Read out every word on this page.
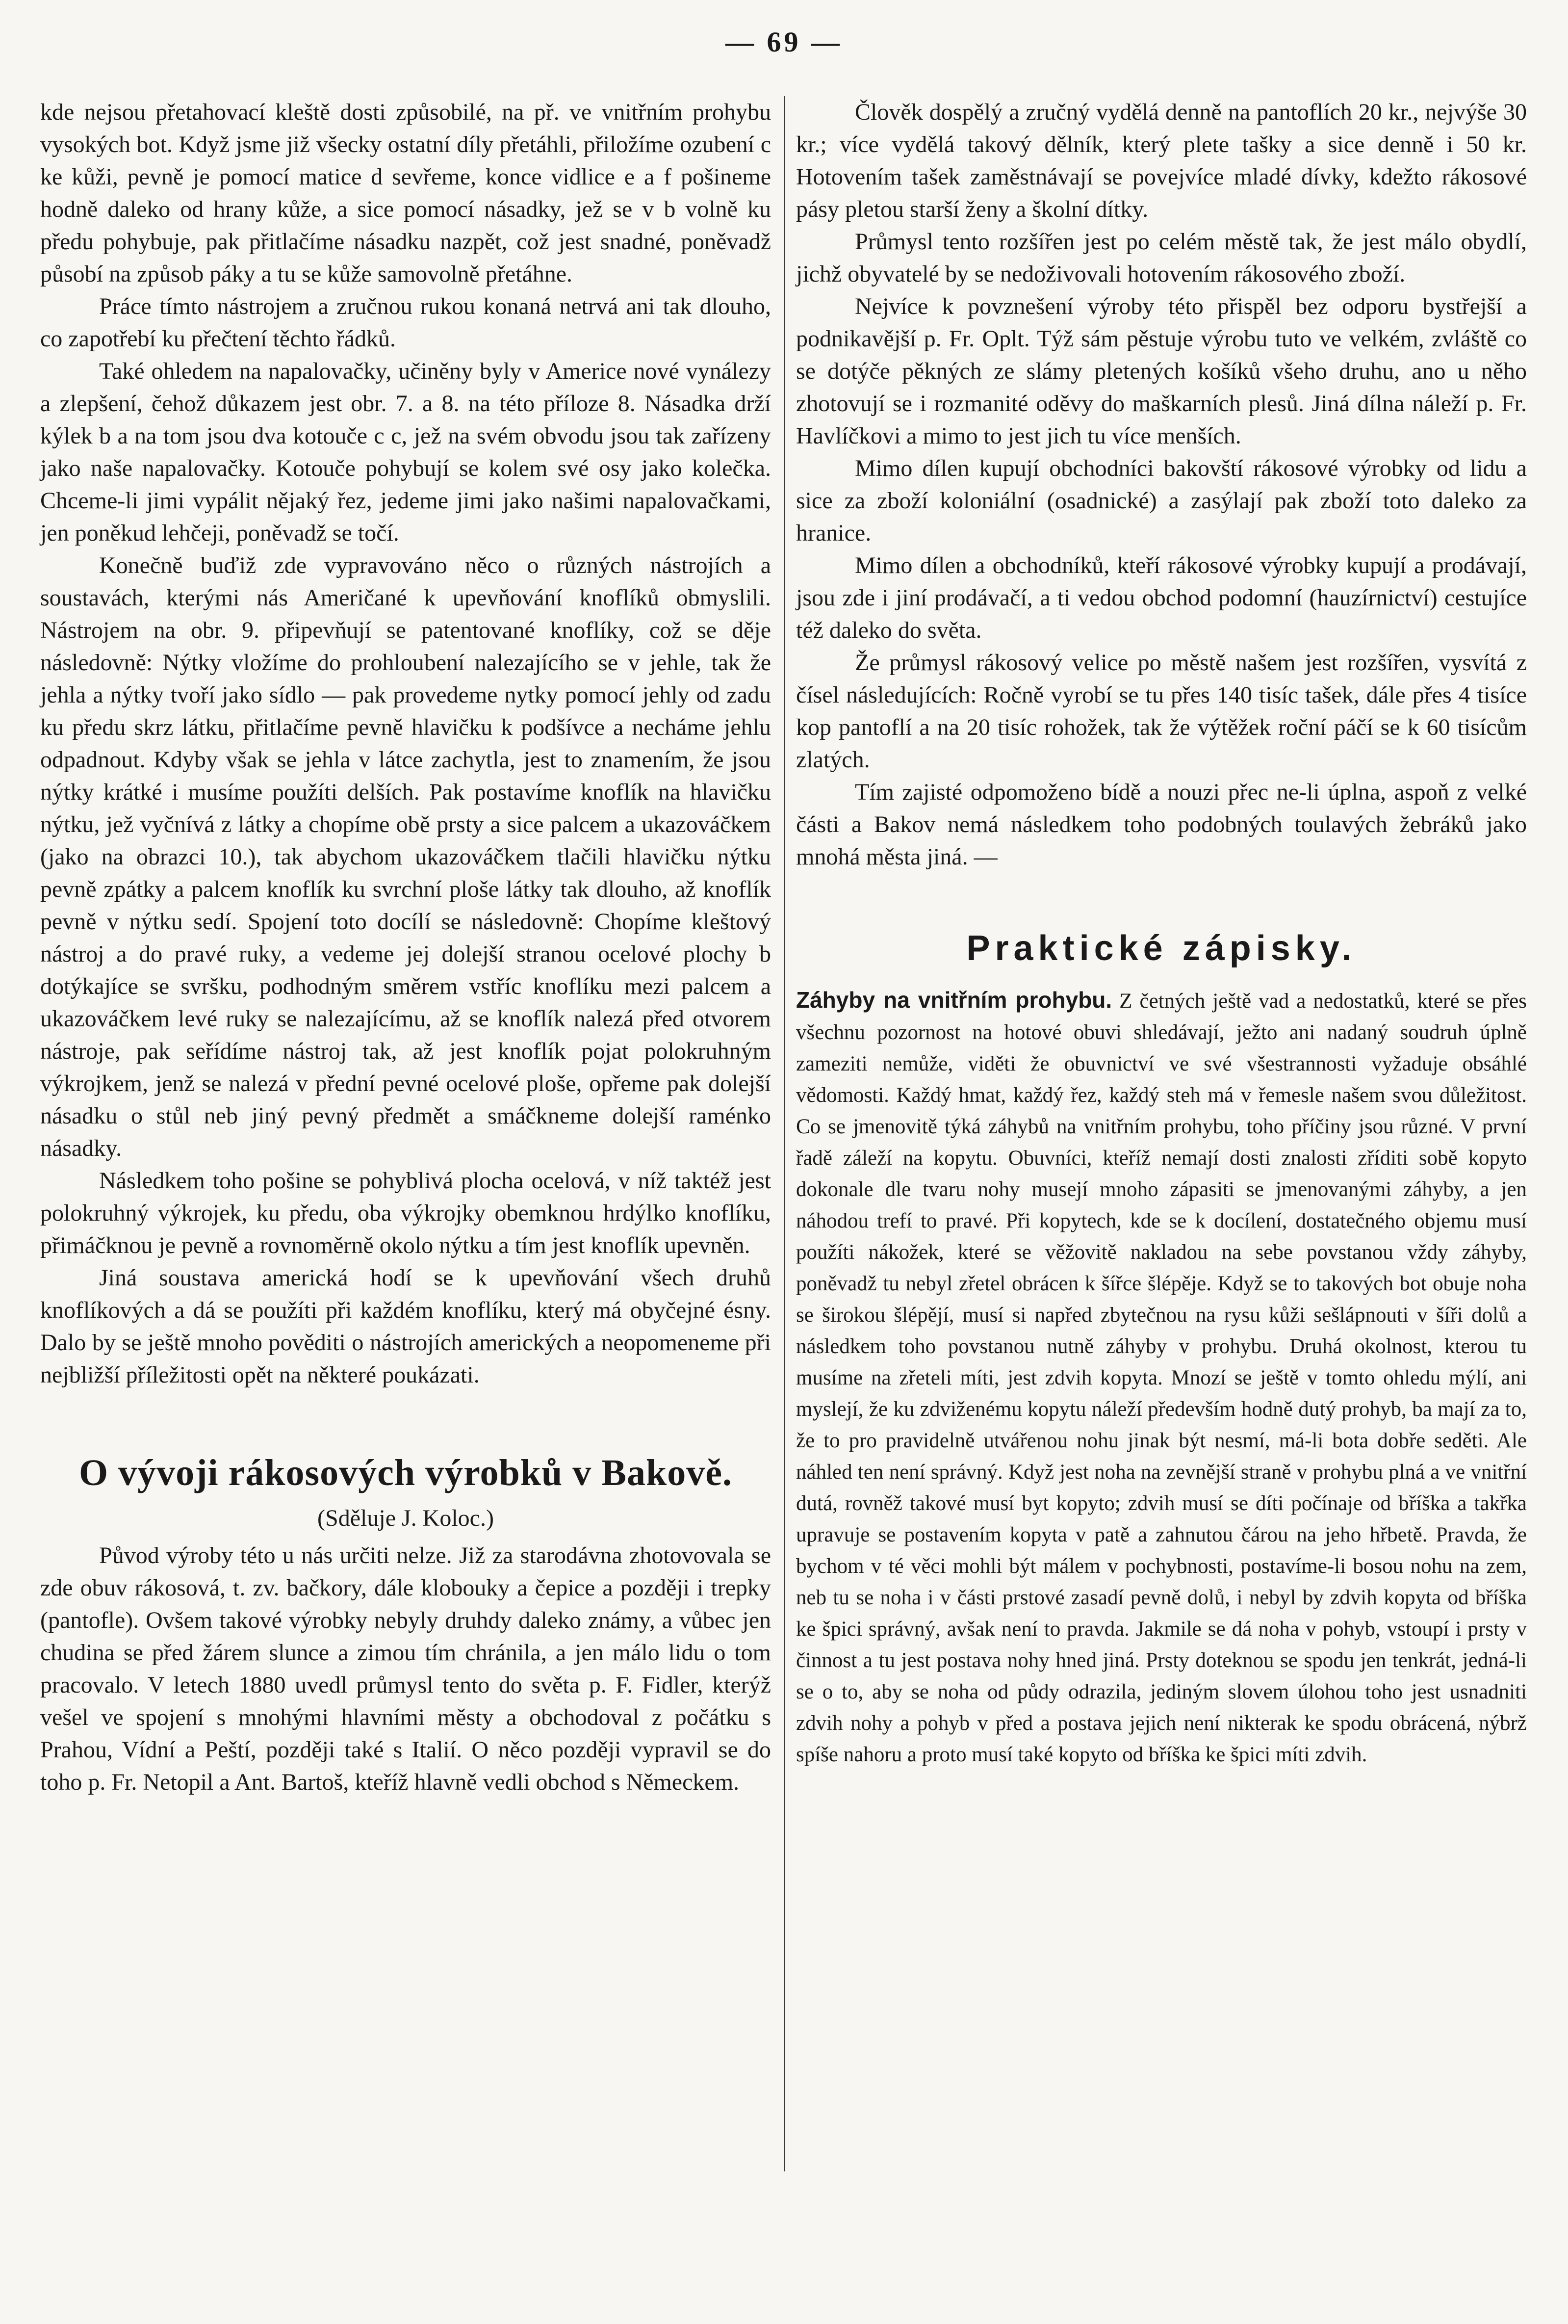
— 69 —

kde nejsou přetahovací kleště dosti způsobilé, na př. ve vnitřním prohybu vysokých bot. Když jsme již všecky ostatní díly přetáhli, přiložíme ozubení c ke kůži, pevně je pomocí matice d sevřeme, konce vidlice e a f pošineme hodně daleko od hrany kůže, a sice pomocí násadky, jež se v b volně ku předu pohybuje, pak přitlačíme násadku nazpět, což jest snadné, poněvadž působí na způsob páky a tu se kůže samovolně přetáhne.

Práce tímto nástrojem a zručnou rukou konaná netrvá ani tak dlouho, co zapotřebí ku přečtení těchto řádků.

Také ohledem na napalovačky, učiněny byly v Americe nové vynálezy a zlepšení, čehož důkazem jest obr. 7. a 8. na této příloze 8. Násadka drží kýlek b a na tom jsou dva kotouče c c, jež na svém obvodu jsou tak zařízeny jako naše napalovačky. Kotouče pohybují se kolem své osy jako kolečka. Chceme-li jimi vypálit nějaký řez, jedeme jimi jako našimi napalovačkami, jen poněkud lehčeji, poněvadž se točí.

Konečně buďiž zde vypravováno něco o různých nástrojích a soustavách, kterými nás Američané k upevňování knoflíků obmyslili. Nástrojem na obr. 9. připevňují se patentované knoflíky, což se děje následovně: Nýtky vložíme do prohloubení nalezajícího se v jehle, tak že jehla a nýtky tvoří jako sídlo — pak provedeme nytky pomocí jehly od zadu ku předu skrz látku, přitlačíme pevně hlavičku k podšívce a necháme jehlu odpadnout. Kdyby však se jehla v látce zachytla, jest to znamením, že jsou nýtky krátké i musíme použíti delších. Pak postavíme knoflík na hlavičku nýtku, jež vyčnívá z látky a chopíme obě prsty a sice palcem a ukazováčkem (jako na obrazci 10.), tak abychom ukazováčkem tlačili hlavičku nýtku pevně zpátky a palcem knoflík ku svrchní ploše látky tak dlouho, až knoflík pevně v nýtku sedí. Spojení toto docílí se následovně: Chopíme kleštový nástroj a do pravé ruky, a vedeme jej dolejší stranou ocelové plochy b dotýkajíce se svršku, podhodným směrem vstříc knoflíku mezi palcem a ukazováčkem levé ruky se nalezajícímu, až se knoflík nalezá před otvorem nástroje, pak seřídíme nástroj tak, až jest knoflík pojat polokruhným výkrojkem, jenž se nalezá v přední pevné ocelové ploše, opřeme pak dolejší násadku o stůl neb jiný pevný předmět a smáčkneme dolejší raménko násadky.

Následkem toho pošine se pohyblivá plocha ocelová, v níž taktéž jest polokruhný výkrojek, ku předu, oba výkrojky obemknou hrdýlko knoflíku, přimáčknou je pevně a rovnoměrně okolo nýtku a tím jest knoflík upevněn.

Jiná soustava americká hodí se k upevňování všech druhů knoflíkových a dá se použíti při každém knoflíku, který má obyčejné ésny. Dalo by se ještě mnoho pověditi o nástrojích amerických a neopomeneme při nejbližší příležitosti opět na některé poukázati.

O vývoji rákosových výrobků v Bakově.

(Sděluje J. Koloc.)

Původ výroby této u nás určiti nelze. Již za starodávna zhotovovala se zde obuv rákosová, t. zv. bačkory, dále klobouky a čepice a později i trepky (pantofle). Ovšem takové výrobky nebyly druhdy daleko známy, a vůbec jen chudina se před žárem slunce a zimou tím chránila, a jen málo lidu o tom pracovalo. V letech 1880 uvedl průmysl tento do světa p. F. Fidler, kterýž vešel ve spojení s mnohými hlavními městy a obchodoval z počátku s Prahou, Vídní a Peští, později také s Italií. O něco později vypravil se do toho p. Fr. Netopil a Ant. Bartoš, kteříž hlavně vedli obchod s Německem.

Člověk dospělý a zručný vydělá denně na pantoflích 20 kr., nejvýše 30 kr.; více vydělá takový dělník, který plete tašky a sice denně i 50 kr. Hotovením tašek zaměstnávají se povejvíce mladé dívky, kdežto rákosové pásy pletou starší ženy a školní dítky.

Průmysl tento rozšířen jest po celém městě tak, že jest málo obydlí, jichž obyvatelé by se nedoživovali hotovením rákosového zboží.

Nejvíce k povznešení výroby této přispěl bez odporu bystřejší a podnikavější p. Fr. Oplt. Týž sám pěstuje výrobu tuto ve velkém, zvláště co se dotýče pěkných ze slámy pletených košíků všeho druhu, ano u něho zhotovují se i rozmanité oděvy do maškarních plesů. Jiná dílna náleží p. Fr. Havlíčkovi a mimo to jest jich tu více menších.

Mimo dílen kupují obchodníci bakovští rákosové výrobky od lidu a sice za zboží koloniální (osadnické) a zasýlají pak zboží toto daleko za hranice.

Mimo dílen a obchodníků, kteří rákosové výrobky kupují a prodávají, jsou zde i jiní prodávačí, a ti vedou obchod podomní (hauzírnictví) cestujíce též daleko do světa.

Že průmysl rákosový velice po městě našem jest rozšířen, vysvítá z čísel následujících: Ročně vyrobí se tu přes 140 tisíc tašek, dále přes 4 tisíce kop pantoflí a na 20 tisíc rohožek, tak že výtěžek roční páčí se k 60 tisícům zlatých.

Tím zajisté odpomoženo bídě a nouzi přec ne-li úplna, aspoň z velké části a Bakov nemá následkem toho podobných toulavých žebráků jako mnohá města jiná. —

Praktické zápisky.

Záhyby na vnitřním prohybu. Z četných ještě vad a nedostatků, které se přes všechnu pozornost na hotové obuvi shledávají, ježto ani nadaný soudruh úplně zameziti nemůže, viděti že obuvnictví ve své všestrannosti vyžaduje obsáhlé vědomosti. Každý hmat, každý řez, každý steh má v řemesle našem svou důležitost. Co se jmenovitě týká záhybů na vnitřním prohybu, toho příčiny jsou různé. V první řadě záleží na kopytu. Obuvníci, kteříž nemají dosti znalosti zříditi sobě kopyto dokonale dle tvaru nohy musejí mnoho zápasiti se jmenovanými záhyby, a jen náhodou trefí to pravé. Při kopytech, kde se k docílení, dostatečného objemu musí použíti nákožek, které se věžovitě nakladou na sebe povstanou vždy záhyby, poněvadž tu nebyl zřetel obrácen k šířce šlépěje. Když se to takových bot obuje noha se širokou šlépějí, musí si napřed zbytečnou na rysu kůži sešlápnouti v šíři dolů a následkem toho povstanou nutně záhyby v prohybu. Druhá okolnost, kterou tu musíme na zřeteli míti, jest zdvih kopyta. Mnozí se ještě v tomto ohledu mýlí, ani myslejí, že ku zdviženému kopytu náleží především hodně dutý prohyb, ba mají za to, že to pro pravidelně utvářenou nohu jinak být nesmí, má-li bota dobře seděti. Ale náhled ten není správný. Když jest noha na zevnější straně v prohybu plná a ve vnitřní dutá, rovněž takové musí byt kopyto; zdvih musí se díti počínaje od bříška a takřka upravuje se postavením kopyta v patě a zahnutou čárou na jeho hřbetě. Pravda, že bychom v té věci mohli být málem v pochybnosti, postavíme-li bosou nohu na zem, neb tu se noha i v části prstové zasadí pevně dolů, i nebyl by zdvih kopyta od bříška ke špici správný, avšak není to pravda. Jakmile se dá noha v pohyb, vstoupí i prsty v činnost a tu jest postava nohy hned jiná. Prsty doteknou se spodu jen tenkrát, jedná-li se o to, aby se noha od půdy odrazila, jediným slovem úlohou toho jest usnadniti zdvih nohy a pohyb v před a postava jejich není nikterak ke spodu obrácená, nýbrž spíše nahoru a proto musí také kopyto od bříška ke špici míti zdvih.
